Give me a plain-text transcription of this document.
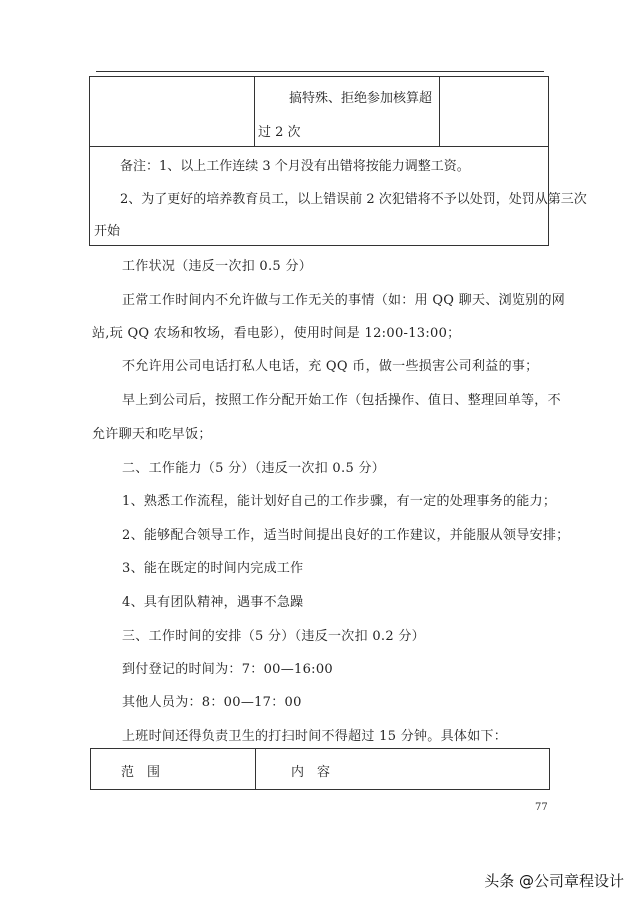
搞特殊、拒绝参加核算超
过 2 次
备注：1、以上工作连续 3 个月没有出错将按能力调整工资。
2、为了更好的培养教育员工，以上错误前 2 次犯错将不予以处罚，处罚从第三次
开始
工作状况（违反一次扣 0.5 分）
正常工作时间内不允许做与工作无关的事情（如：用 QQ 聊天、浏览别的网
站,玩 QQ 农场和牧场，看电影），使用时间是 12:00-13:00；
不允许用公司电话打私人电话，充 QQ 币，做一些损害公司利益的事；
早上到公司后，按照工作分配开始工作（包括操作、值日、整理回单等，不
允许聊天和吃早饭；
二、工作能力（5 分）（违反一次扣 0.5 分）
1、熟悉工作流程，能计划好自己的工作步骤，有一定的处理事务的能力；
2、能够配合领导工作，适当时间提出良好的工作建议，并能服从领导安排；
3、能在既定的时间内完成工作
4、具有团队精神，遇事不急躁
三、工作时间的安排（5 分）（违反一次扣 0.2 分）
到付登记的时间为：7：00—16:00
其他人员为：8：00—17：00
上班时间还得负责卫生的打扫时间不得超过 15 分钟。具体如下：
范　围	内　容
77
头条 @公司章程设计
